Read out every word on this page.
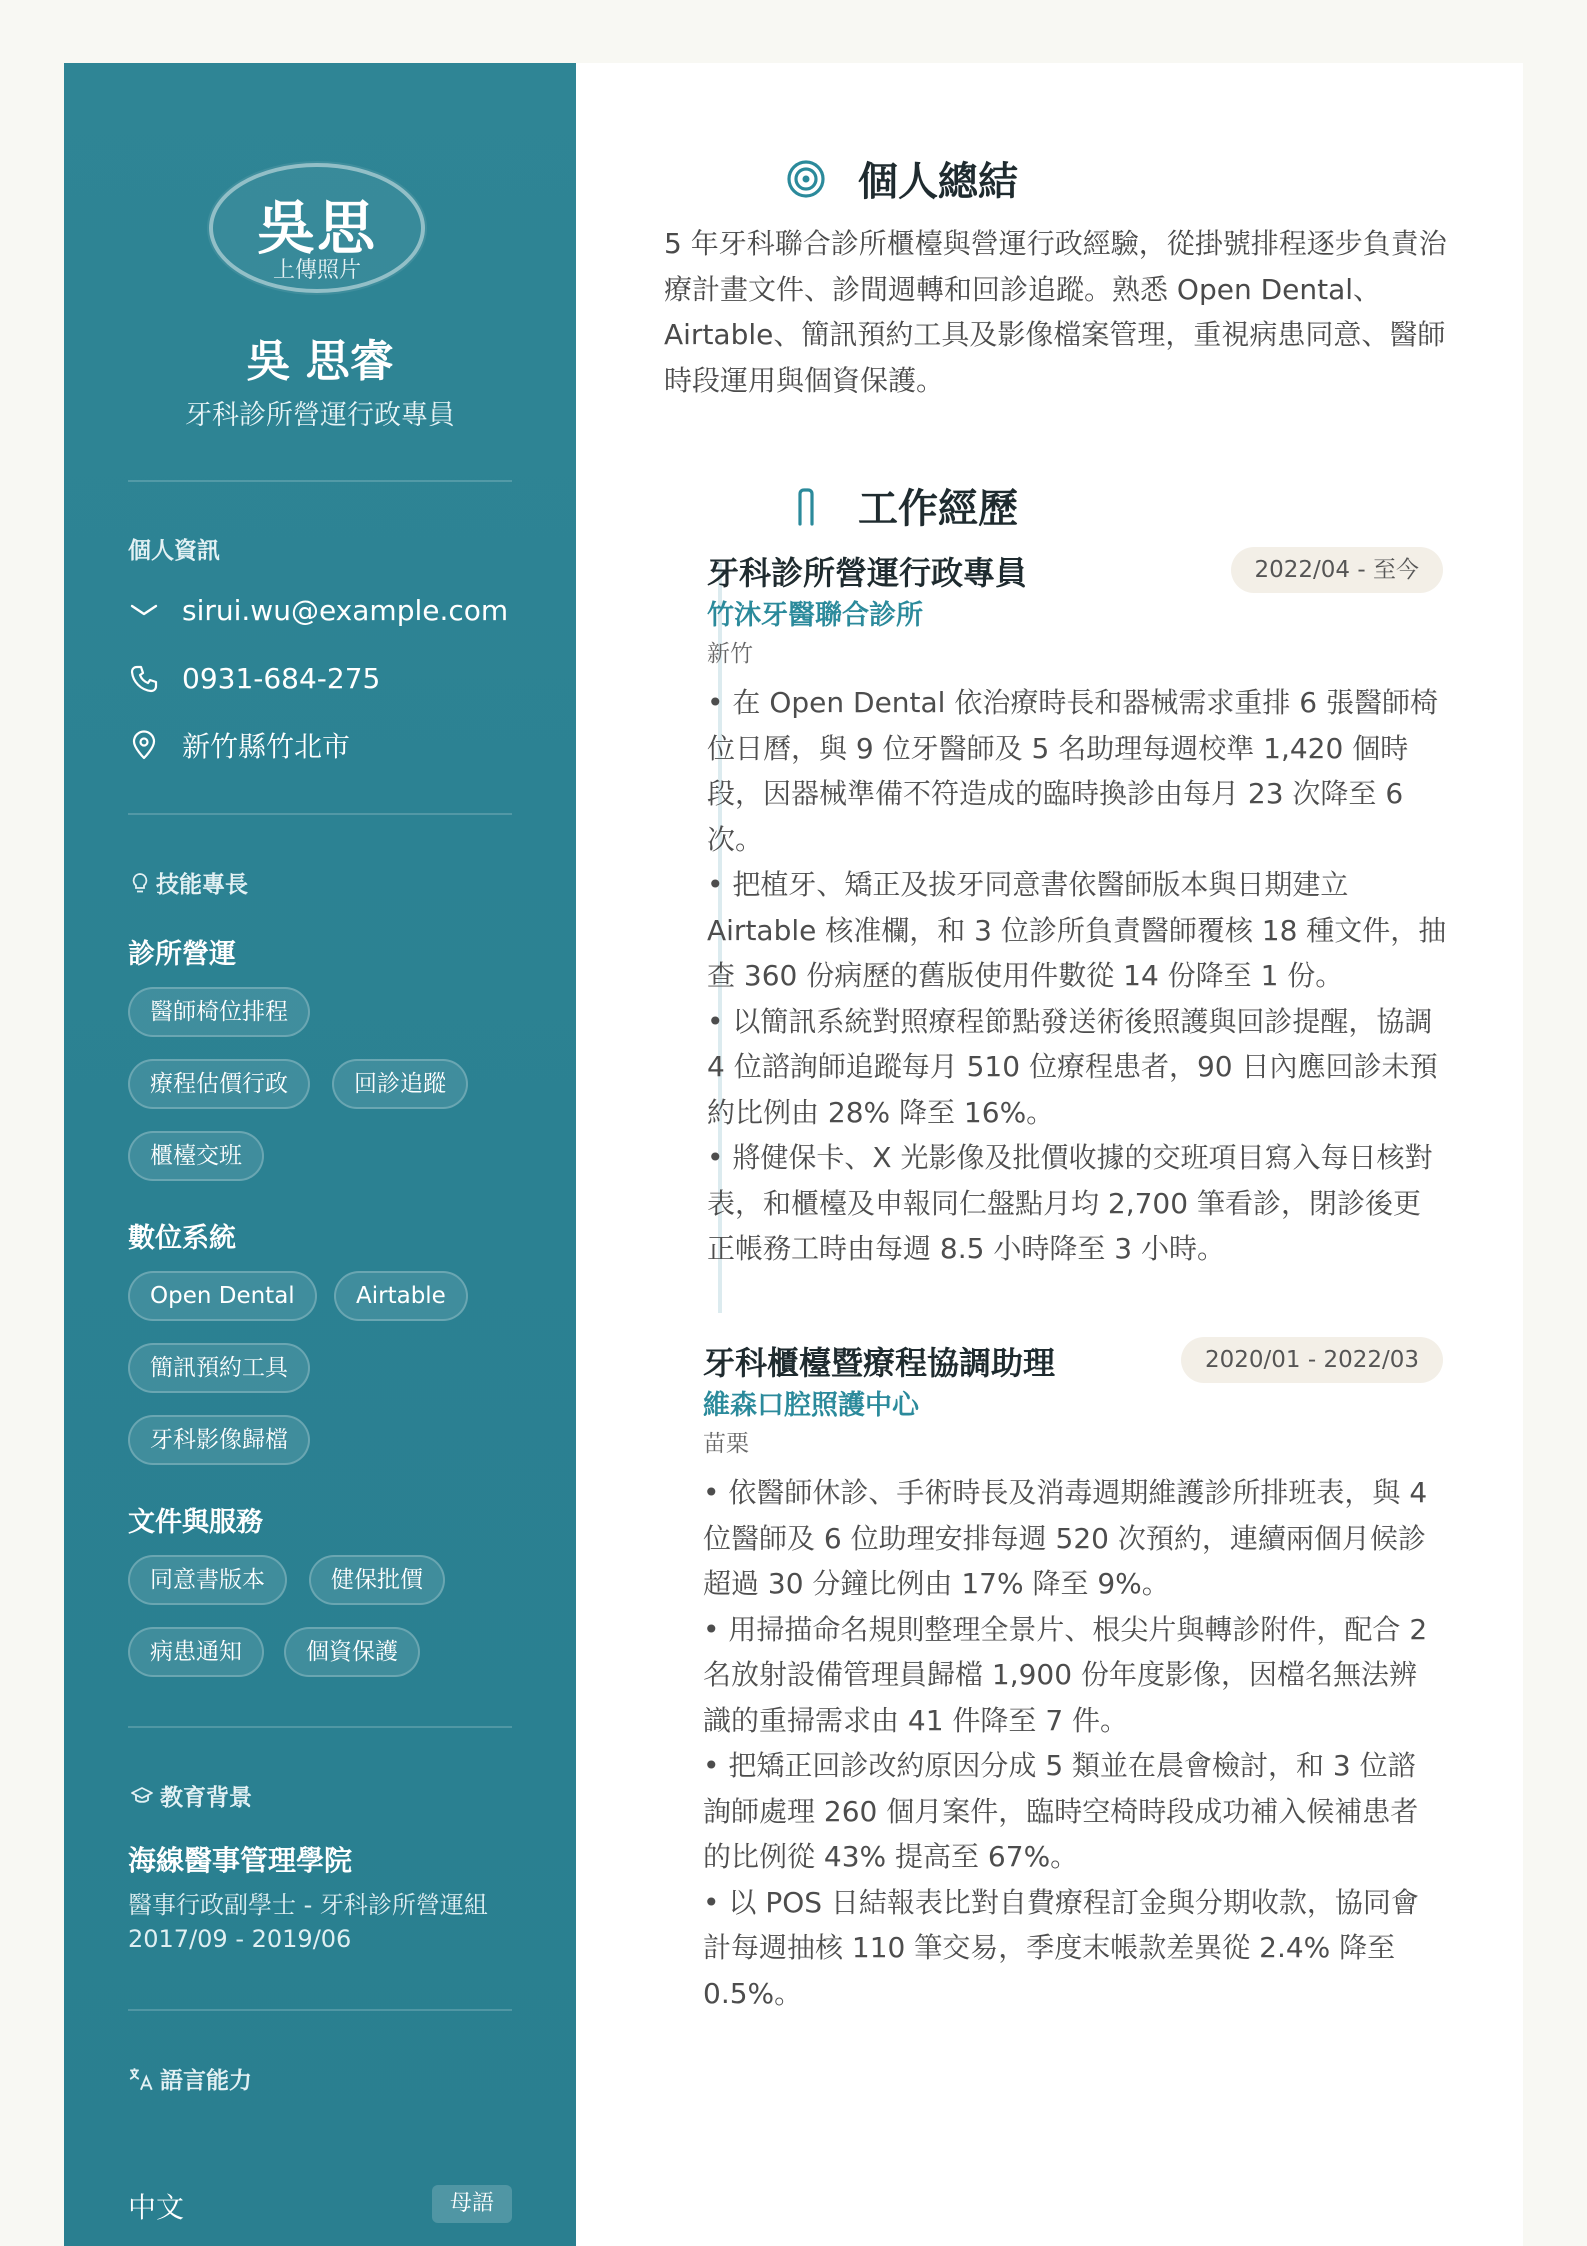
吳思
上傳照片
吳 思睿
牙科診所營運行政專員
個人資訊
sirui.wu@example.com
0931-684-275
新竹縣竹北市
技能專長
診所營運
醫師椅位排程
療程估價行政	回診追蹤
櫃檯交班
數位系統
Open Dental	Airtable
簡訊預約工具
牙科影像歸檔
文件與服務
同意書版本	健保批價
病患通知	個資保護
教育背景
海線醫事管理學院
醫事行政副學士 - 牙科診所營運組
2017/09 - 2019/06
語言能力
中文	母語
個人總結
5 年牙科聯合診所櫃檯與營運行政經驗，從掛號排程逐步負責治療計畫文件、診間週轉和回診追蹤。熟悉 Open Dental、Airtable、簡訊預約工具及影像檔案管理，重視病患同意、醫師時段運用與個資保護。
工作經歷
牙科診所營運行政專員	2022/04 - 至今
竹沐牙醫聯合診所
新竹

• 在 Open Dental 依治療時長和器械需求重排 6 張醫師椅位日曆，與 9 位牙醫師及 5 名助理每週校準 1,420 個時段，因器械準備不符造成的臨時換診由每月 23 次降至 6 次。

• 把植牙、矯正及拔牙同意書依醫師版本與日期建立 Airtable 核准欄，和 3 位診所負責醫師覆核 18 種文件，抽查 360 份病歷的舊版使用件數從 14 份降至 1 份。

• 以簡訊系統對照療程節點發送術後照護與回診提醒，協調 4 位諮詢師追蹤每月 510 位療程患者，90 日內應回診未預約比例由 28% 降至 16%。

• 將健保卡、X 光影像及批價收據的交班項目寫入每日核對表，和櫃檯及申報同仁盤點月均 2,700 筆看診，閉診後更正帳務工時由每週 8.5 小時降至 3 小時。

牙科櫃檯暨療程協調助理	2020/01 - 2022/03
維森口腔照護中心
苗栗

• 依醫師休診、手術時長及消毒週期維護診所排班表，與 4 位醫師及 6 位助理安排每週 520 次預約，連續兩個月候診超過 30 分鐘比例由 17% 降至 9%。

• 用掃描命名規則整理全景片、根尖片與轉診附件，配合 2 名放射設備管理員歸檔 1,900 份年度影像，因檔名無法辨識的重掃需求由 41 件降至 7 件。

• 把矯正回診改約原因分成 5 類並在晨會檢討，和 3 位諮詢師處理 260 個月案件，臨時空椅時段成功補入候補患者的比例從 43% 提高至 67%。

• 以 POS 日結報表比對自費療程訂金與分期收款，協同會計每週抽核 110 筆交易，季度末帳款差異從 2.4% 降至 0.5%。
